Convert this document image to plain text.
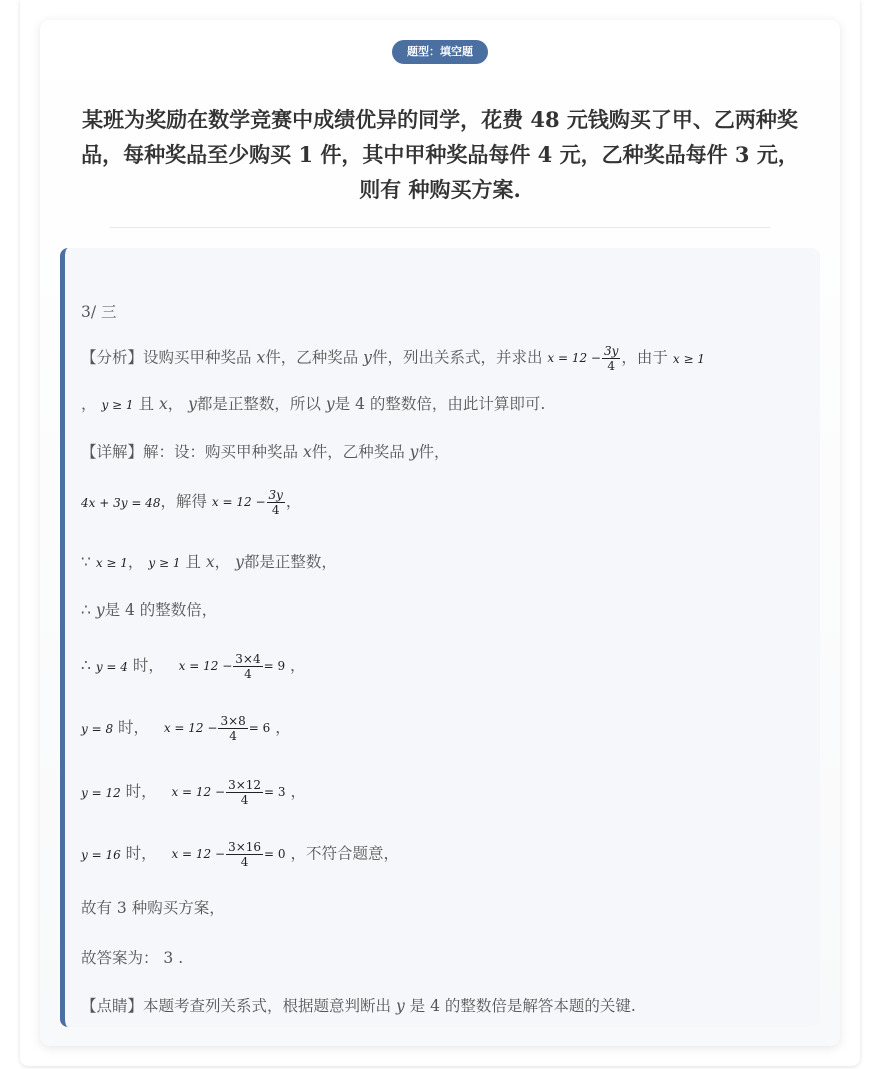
题型：填空题
某班为奖励在数学竞赛中成绩优异的同学，花费 48 元钱购买了甲、乙两种奖
品，每种奖品至少购买 1 件，其中甲种奖品每件 4 元，乙种奖品每件 3 元，
则有 种购买方案.
3/ 三
【分析】设购买甲种奖品 x件，乙种奖品 y件，列出关系式，并求出 $x = 12 - \frac{3y}{4}$ ，由于 x ≥ 1
， y ≥ 1 且 x， y都是正整数，所以 y是 4 的整数倍，由此计算即可.
【详解】解：设：购买甲种奖品 x件，乙种奖品 y件，
4x + 3y = 48，解得 $x = 12 - \frac{3y}{4}$ ，
∵ x ≥ 1， y ≥ 1 且 x， y都是正整数，
∴ y是 4 的整数倍，
∴ y = 4 时， $x = 12 - \frac{3\times 4}{4} = 9$ ，
y = 8 时， $x = 12 - \frac{3\times 8}{4} = 6$ ，
y = 12 时， $x = 12 - \frac{3\times 12}{4} = 3$ ，
y = 16 时， $x = 12 - \frac{3\times 16}{4} = 0$ ，不符合题意，
故有 3 种购买方案，
故答案为： 3 .
【点睛】本题考查列关系式，根据题意判断出 y 是 4 的整数倍是解答本题的关键.
